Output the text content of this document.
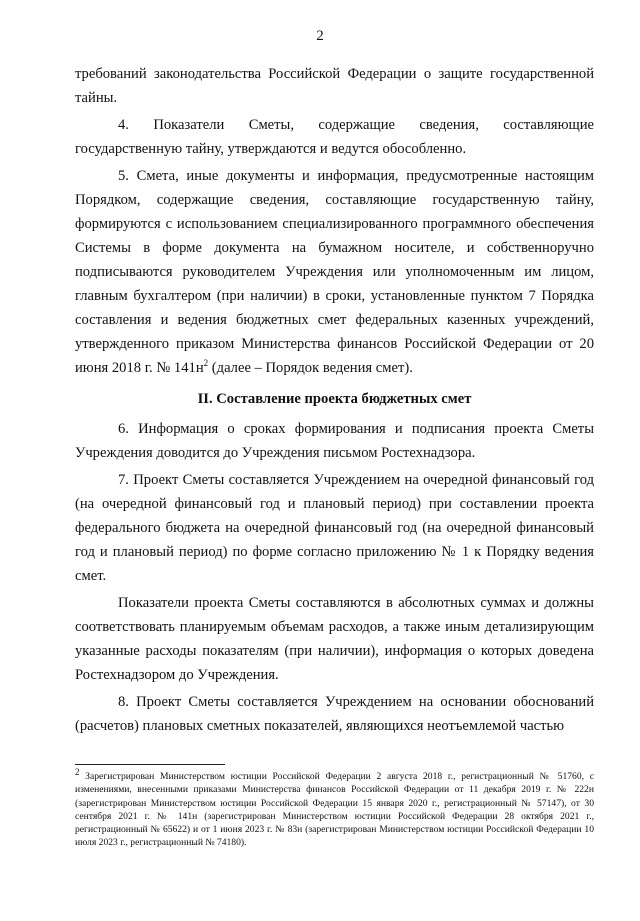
2

требований законодательства Российской Федерации о защите государственной тайны.

4. Показатели Сметы, содержащие сведения, составляющие государственную тайну, утверждаются и ведутся обособленно.

5. Смета, иные документы и информация, предусмотренные настоящим Порядком, содержащие сведения, составляющие государственную тайну, формируются с использованием специализированного программного обеспечения Системы в форме документа на бумажном носителе, и собственноручно подписываются руководителем Учреждения или уполномоченным им лицом, главным бухгалтером (при наличии) в сроки, установленные пунктом 7 Порядка составления и ведения бюджетных смет федеральных казенных учреждений, утвержденного приказом Министерства финансов Российской Федерации от 20 июня 2018 г. № $141н^2$ (далее – Порядок ведения смет).

II. Составление проекта бюджетных смет

6. Информация о сроках формирования и подписания проекта Сметы Учреждения доводится до Учреждения письмом Ростехнадзора.

7. Проект Сметы составляется Учреждением на очередной финансовый год (на очередной финансовый год и плановый период) при составлении проекта федерального бюджета на очередной финансовый год (на очередной финансовый год и плановый период) по форме согласно приложению № 1 к Порядку ведения смет.

Показатели проекта Сметы составляются в абсолютных суммах и должны соответствовать планируемым объемам расходов, а также иным детализирующим указанные расходы показателям (при наличии), информация о которых доведена Ростехнадзором до Учреждения.

8. Проект Сметы составляется Учреждением на основании обоснований (расчетов) плановых сметных показателей, являющихся неотъемлемой частью

$^2$ Зарегистрирован Министерством юстиции Российской Федерации 2 августа 2018 г., регистрационный № 51760, с изменениями, внесенными приказами Министерства финансов Российской Федерации от 11 декабря 2019 г. № 222н (зарегистрирован Министерством юстиции Российской Федерации 15 января 2020 г., регистрационный № 57147), от 30 сентября 2021 г. № 141н (зарегистрирован Министерством юстиции Российской Федерации 28 октября 2021 г., регистрационный № 65622) и от 1 июня 2023 г. № 83н (зарегистрирован Министерством юстиции Российской Федерации 10 июля 2023 г., регистрационный № 74180).
